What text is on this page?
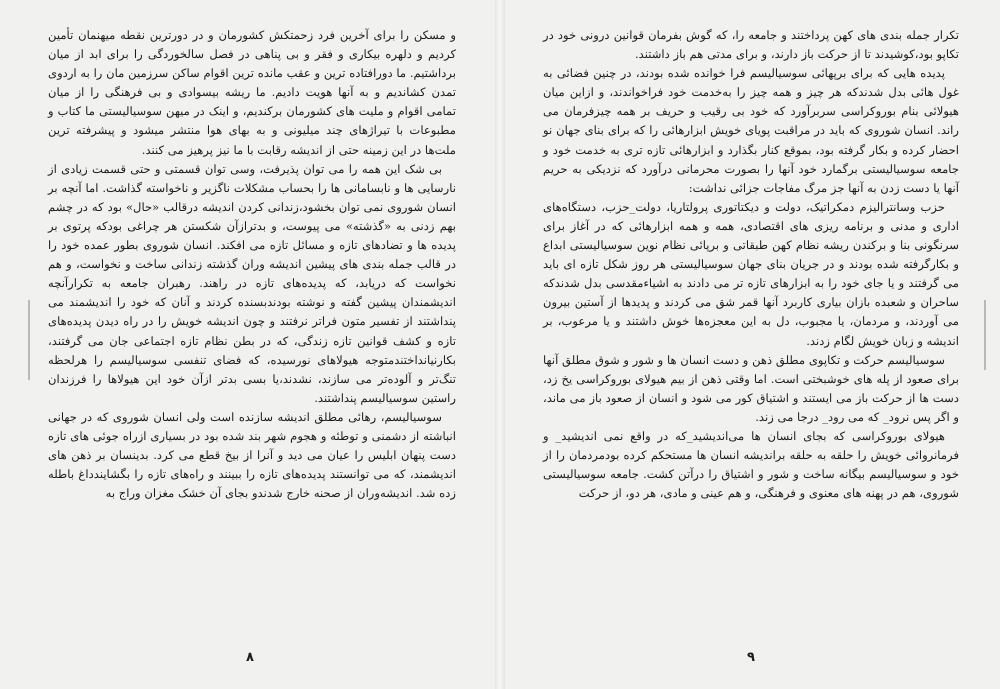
و مسکن را برای آخرین فرد زحمتکش کشورمان و در دورترین نقطه میهنمان تأمین کردیم و دلهره بیکاری و فقر و بی پناهی در فصل سالخوردگی را برای ابد از میان برداشتیم. ما دورافتاده ترین و عقب مانده ترین اقوام ساکن سرزمین مان را به اردوی تمدن کشاندیم و به آنها هویت دادیم. ما ریشه بیسوادی و بی فرهنگی را از میان تمامی اقوام و ملیت های کشورمان برکندیم، و اینک در میهن سوسیالیستی ما کتاب و مطبوعات با تیراژهای چند میلیونی و به بهای هوا منتشر میشود و پیشرفته ترین ملت‌ها در این زمینه حتی از اندیشه رقابت با ما نیز پرهیز می کنند.

بی شک این همه را می توان پذیرفت، وسی توان قسمتی و حتی قسمت زیادی از نارسایی ها و نابسامانی ها را بحساب مشکلات ناگزیر و ناخواسته گذاشت. اما آنچه بر انسان شوروی نمی توان بخشود،زندانی کردن اندیشه درقالب «حال» بود که در چشم بهم زدنی به «گذشته» می پیوست، و بدترازآن شکستن هر چراغی بودکه پرتوی بر پدیده ها و تضادهای تازه و مسائل تازه می افکند. انسان شوروی بطور عمده خود را در قالب جمله بندی های پیشین اندیشه وران گذشته زندانی ساخت و نخواست، و هم نخواست که دریابد، که پدیده‌های تازه در راهند. رهبران جامعه به تکرارآنچه اندیشمندان پیشین گفته و نوشته بودندبسنده کردند و آنان که خود را اندیشمند می پنداشتند از تفسیر متون فراتر نرفتند و چون اندیشه خویش را در راه دیدن پدیده‌های تازه و کشف قوانین تازه زندگی، که در بطن نظام تازه اجتماعی جان می گرفتند، بکارنیانداختندمتوجه هیولاهای نورسیده، که فضای تنفسی سوسیالیسم را هرلحظه تنگ‌تر و آلوده‌تر می سازند، نشدند،یا بسی بدتر ازآن خود این هیولاها را فرزندان راستین سوسیالیسم پنداشتند.

سوسیالیسم، رهائی مطلق اندیشه سازنده است ولی انسان شوروی که در جهانی انباشته از دشمنی و توطئه و هجوم شهر بند شده بود در بسیاری ازراه جوئی های تازه دست پنهان ابلیس را عیان می دید و آنرا از بیخ قطع می کرد. بدینسان بر ذهن های اندیشمند، که می توانستند پدیده‌های تازه را ببینند و راه‌های تازه را بگشایندداغ باطله زده شد. اندیشه‌وران از صحنه خارج شدندو بجای آن خشک مغزان وراج به

٨

تکرار جمله بندی های کهن پرداختند و جامعه را، که گوش بفرمان قوانین درونی خود در تکاپو بود،کوشیدند تا از حرکت باز دارند، و برای مدتی هم باز داشتند.

پدیده هایی که برای بر‌پهائی سوسیالیسم فرا خوانده شده بودند، در چنین فضائی به غول هائی بدل شدندکه هر چیز و همه چیز را به‌خدمت خود فراخواندند، و ازاین میان هیولائی بنام بوروکراسی سربرآورد که خود بی رقیب و حریف بر همه چیزفرمان می راند. انسان شوروی که باید در مراقبت پویای خویش ابزارهائی را که برای بنای جهان نو احضار کرده و بکار گرفته بود، بموقع کنار بگذارد و ابزارهائی تازه تری به خدمت خود و جامعه سوسیالیستی برگمارد خود آنها را بصورت محرمانی درآورد که نزدیکی به حریم آنها یا دست زدن به آنها جز مرگ مفاجات جزائی نداشت:

حزب وسانترالیزم دمکراتیک، دولت و دیکتاتوری پرولتاریا، دولت_حزب، دستگاه‌های اداری و مدنی و برنامه ریزی های اقتصادی، همه و همه ابزارهائی که در آغاز برای سرنگونی بنا و برکندن ریشه نظام کهن طبقاتی و برپائی نظام نوین سوسیالیستی ابداع و بکارگرفته شده بودند و در جریان بنای جهان سوسیالیستی هر روز شکل تازه ای باید می گرفتند و یا جای خود را به ابزارهای تازه تر می دادند به اشیاءمقدسی بدل شدندکه ساحران و شعبده بازان بیاری کاربرد آنها قمر شق می کردند و پدیدها از آستین بیرون می آوردند، و مردمان، یا مجبوب، دل به این معجزه‌ها خوش داشتند و یا مرعوب، بر اندیشه و زبان خویش لگام زدند.

سوسیالیسم حرکت و تکاپوی مطلق ذهن و دست انسان ها و شور و شوق مطلق آنها برای صعود از پله های خوشبختی است. اما وقتی ذهن از بیم هیولای بوروکراسی یخ زد، دست ها از حرکت باز می ایستند و اشتیاق کور می شود و انسان از صعود باز می ماند، و اگر پس نرود_ که می رود_ درجا می زند.

هیولای بوروکراسی که بجای انسان ها می‌اندیشید_که در واقع نمی اندیشید_ و فرمانروائی خویش را حلقه به حلقه بر‌اندیشه انسان ها مستحکم کرده بودمردمان را از خود و سوسیالیسم بیگانه ساخت و شور و اشتیاق را در‌آتن کشت. جامعه سوسیالیستی شوروی، هم در پهنه های معنوی و فرهنگی، و هم عینی و مادی، هر دو، از حرکت

٩
